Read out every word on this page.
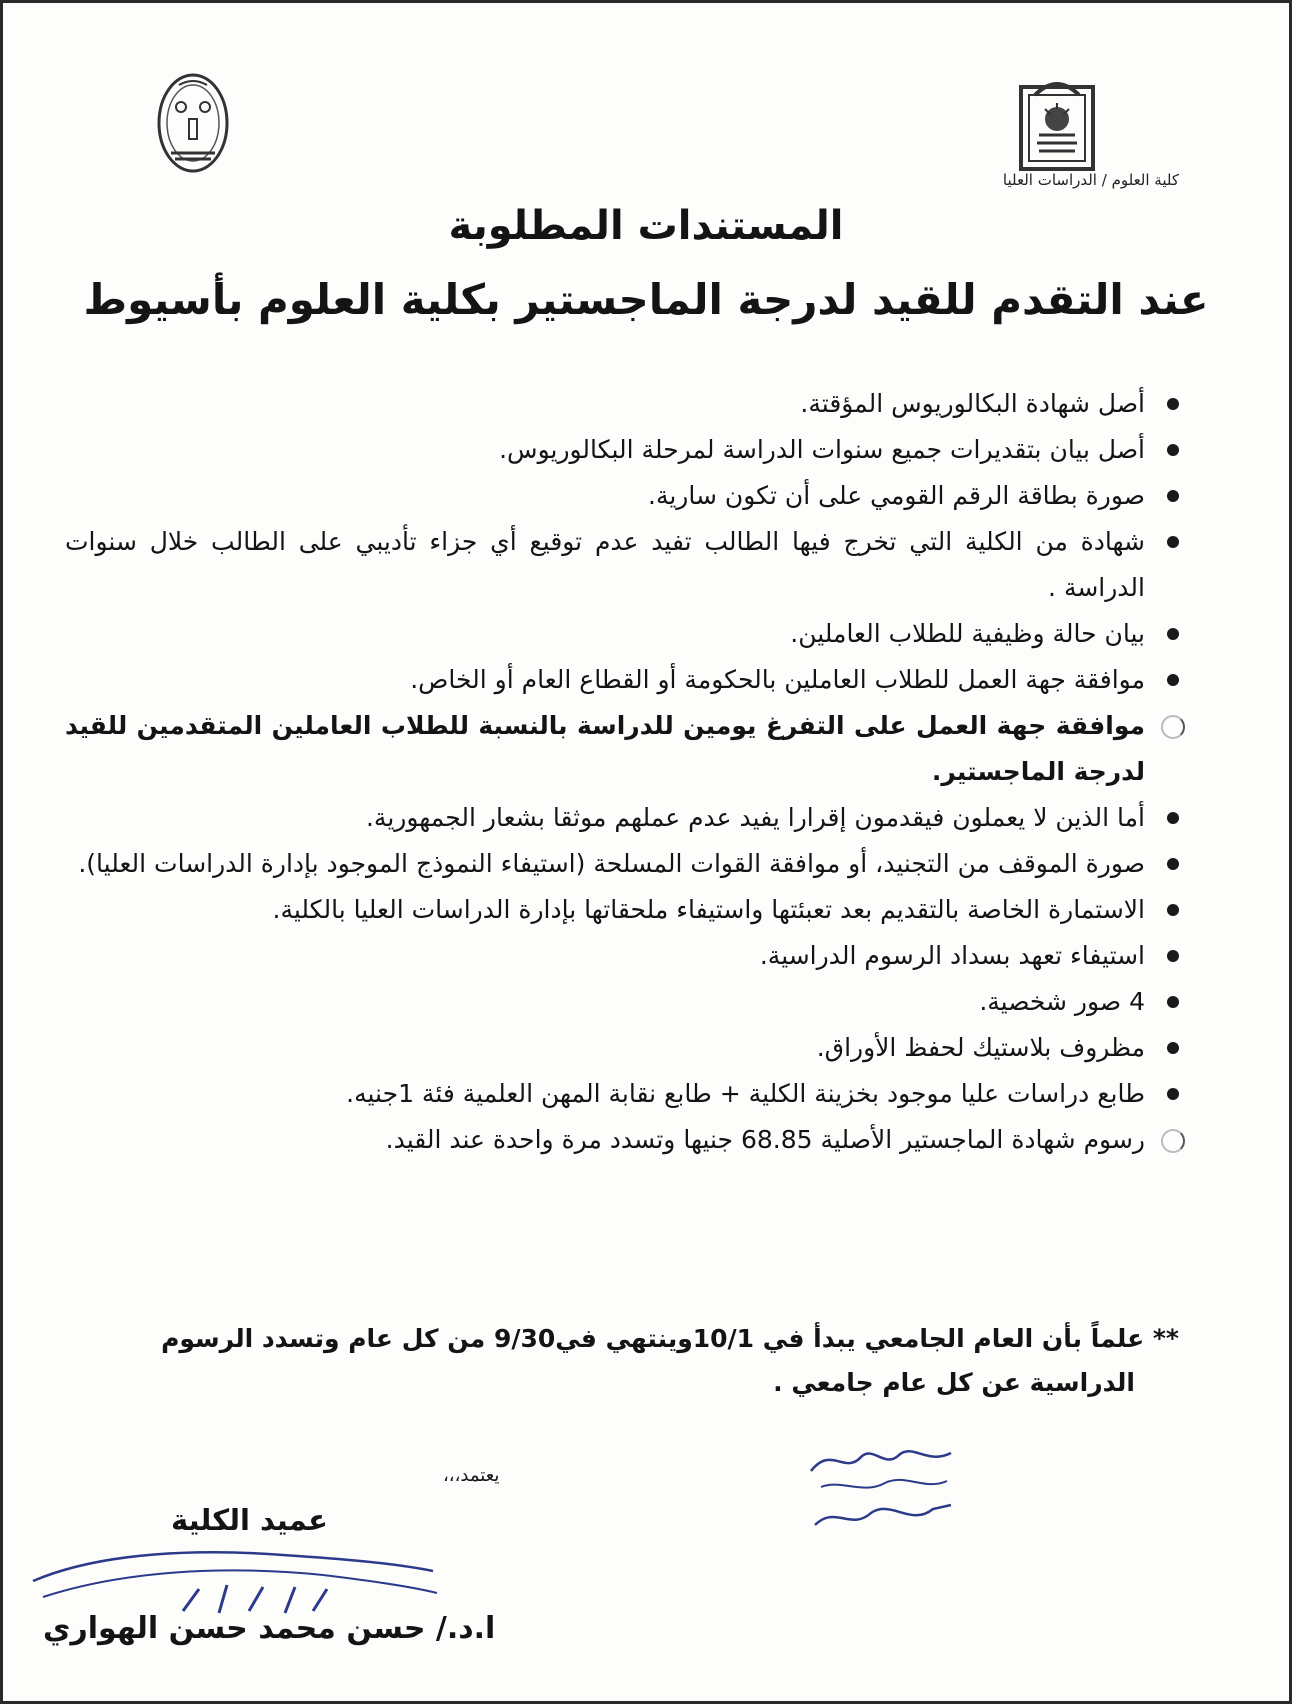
كلية العلوم / الدراسات العليا
المستندات المطلوبة
عند التقدم للقيد لدرجة الماجستير بكلية العلوم بأسيوط
أصل شهادة البكالوريوس المؤقتة.
أصل بيان بتقديرات جميع سنوات الدراسة لمرحلة البكالوريوس.
صورة بطاقة الرقم القومي على أن تكون سارية.
شهادة من الكلية التي تخرج فيها الطالب تفيد عدم توقيع أي جزاء تأديبي على الطالب خلال سنوات الدراسة .
بيان حالة وظيفية للطلاب العاملين.
موافقة جهة العمل للطلاب العاملين بالحكومة أو القطاع العام أو الخاص.
موافقة جهة العمل على التفرغ يومين للدراسة بالنسبة للطلاب العاملين المتقدمين للقيد لدرجة الماجستير.
أما الذين لا يعملون فيقدمون إقرارا يفيد عدم عملهم موثقا بشعار الجمهورية.
صورة الموقف من التجنيد، أو موافقة القوات المسلحة (استيفاء النموذج الموجود بإدارة الدراسات العليا).
الاستمارة الخاصة بالتقديم بعد تعبئتها واستيفاء ملحقاتها بإدارة الدراسات العليا بالكلية.
استيفاء تعهد بسداد الرسوم الدراسية.
4 صور شخصية.
مظروف بلاستيك لحفظ الأوراق.
طابع دراسات عليا موجود بخزينة الكلية + طابع نقابة المهن العلمية فئة 1جنيه.
رسوم شهادة الماجستير الأصلية 68.85 جنيها وتسدد مرة واحدة عند القيد.
** علماً بأن العام الجامعي يبدأ في 10/1وينتهي في9/30 من كل عام وتسدد الرسوم
الدراسية عن كل عام جامعي .
يعتمد،،،
عميد الكلية
ا.د./ حسن محمد حسن الهواري
